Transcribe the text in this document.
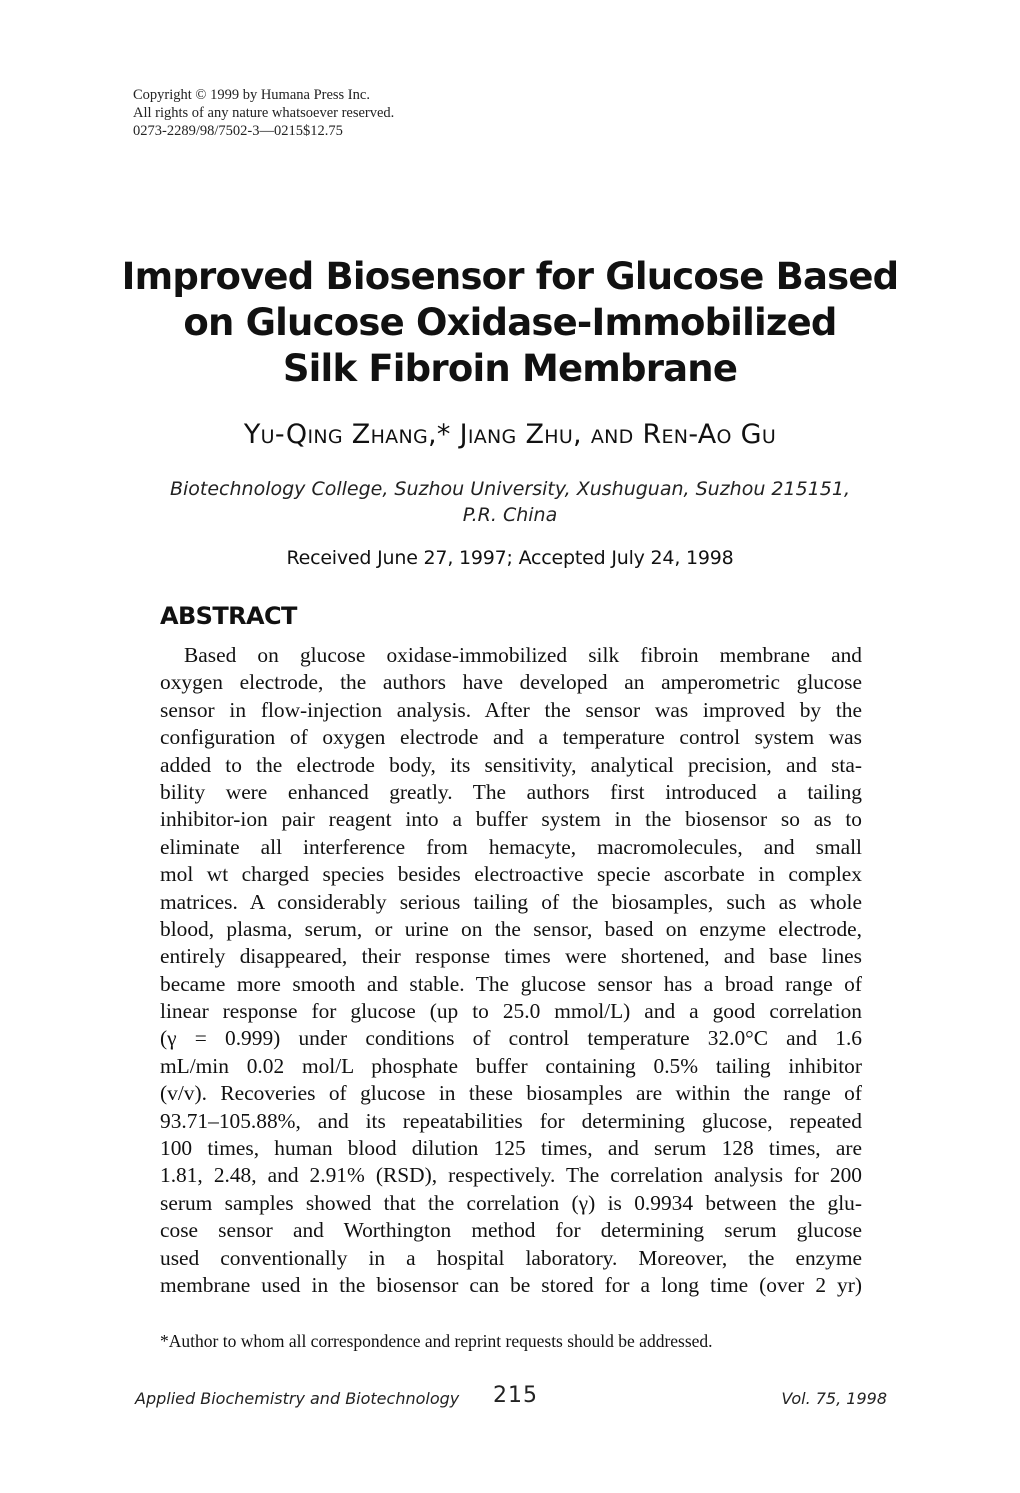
Copyright © 1999 by Humana Press Inc.
All rights of any nature whatsoever reserved.
0273-2289/98/7502-3—0215$12.75
Improved Biosensor for Glucose Based
on Glucose Oxidase-Immobilized
Silk Fibroin Membrane
Yu-Qing Zhang,* Jiang Zhu, and Ren-Ao Gu
Biotechnology College, Suzhou University, Xushuguan, Suzhou 215151,
P.R. China
Received June 27, 1997; Accepted July 24, 1998
ABSTRACT
Based on glucose oxidase-immobilized silk fibroin membrane and
oxygen electrode, the authors have developed an amperometric glucose
sensor in flow-injection analysis. After the sensor was improved by the
configuration of oxygen electrode and a temperature control system was
added to the electrode body, its sensitivity, analytical precision, and sta-
bility were enhanced greatly. The authors first introduced a tailing
inhibitor-ion pair reagent into a buffer system in the biosensor so as to
eliminate all interference from hemacyte, macromolecules, and small
mol wt charged species besides electroactive specie ascorbate in complex
matrices. A considerably serious tailing of the biosamples, such as whole
blood, plasma, serum, or urine on the sensor, based on enzyme electrode,
entirely disappeared, their response times were shortened, and base lines
became more smooth and stable. The glucose sensor has a broad range of
linear response for glucose (up to 25.0 mmol/L) and a good correlation
(γ = 0.999) under conditions of control temperature 32.0°C and 1.6
mL/min 0.02 mol/L phosphate buffer containing 0.5% tailing inhibitor
(v/v). Recoveries of glucose in these biosamples are within the range of
93.71–105.88%, and its repeatabilities for determining glucose, repeated
100 times, human blood dilution 125 times, and serum 128 times, are
1.81, 2.48, and 2.91% (RSD), respectively. The correlation analysis for 200
serum samples showed that the correlation (γ) is 0.9934 between the glu-
cose sensor and Worthington method for determining serum glucose
used conventionally in a hospital laboratory. Moreover, the enzyme
membrane used in the biosensor can be stored for a long time (over 2 yr)
*Author to whom all correspondence and reprint requests should be addressed.
Applied Biochemistry and Biotechnology 215	Vol. 75, 1998
